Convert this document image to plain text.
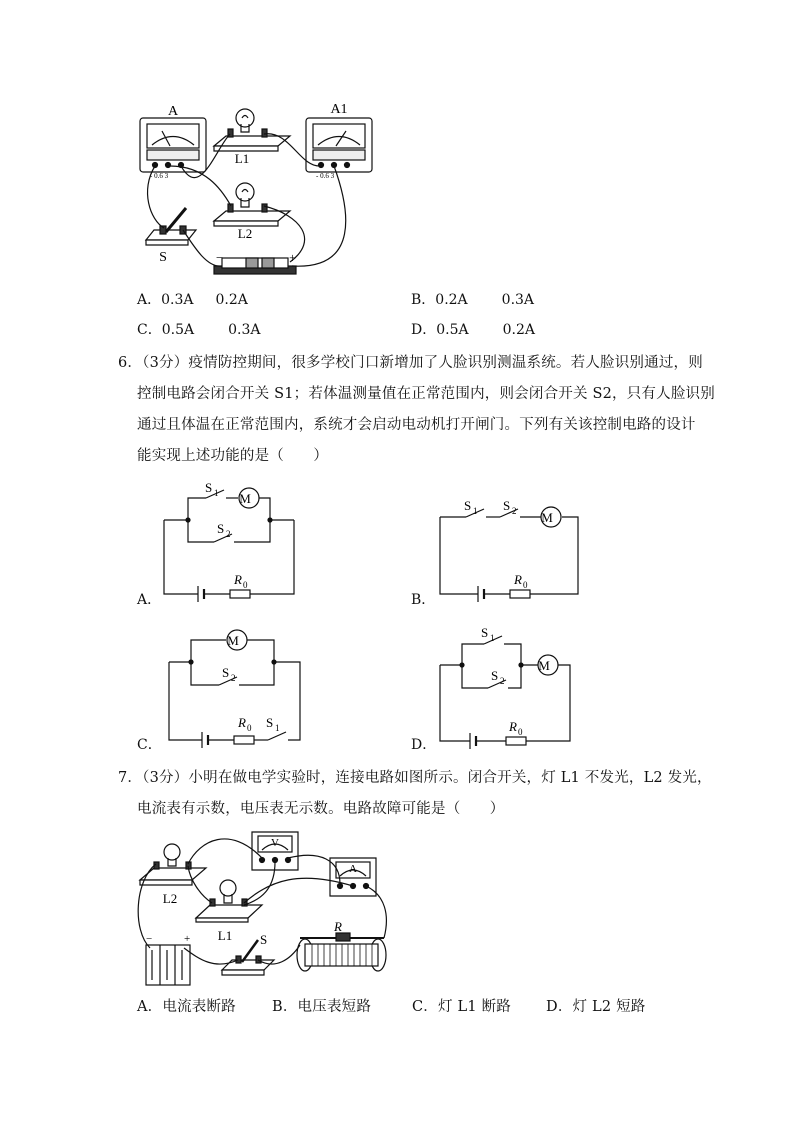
A	A1
L1
L2
S	−	+
- 0.6 3	- 0.6 3
A．0.3A 0.2A	B．0.2A 0.3A
C．0.5A 0.3A	D．0.5A 0.2A
6．（3分）疫情防控期间，很多学校门口新增加了人脸识别测温系统。若人脸识别通过，则
控制电路会闭合开关 S1；若体温测量值在正常范围内，则会闭合开关 S2，只有人脸识别
通过且体温在正常范围内，系统才会启动电动机打开闸门。下列有关该控制电路的设计
能实现上述功能的是（　　）
S 1 M
S 2
R 0
S 1 S 2 M
R 0
M
S 2
R 0 S 1
S 1
S 2
M
R 0
A．	B．
C．	D．
7．（3分）小明在做电学实验时，连接电路如图所示。闭合开关，灯 L1 不发光，L2 发光，
电流表有示数，电压表无示数。电路故障可能是（　　）
+
−
V
A
L2
L1 S
R
A．电流表断路 B．电压表短路	C．灯 L1 断路 D．灯 L2 短路
